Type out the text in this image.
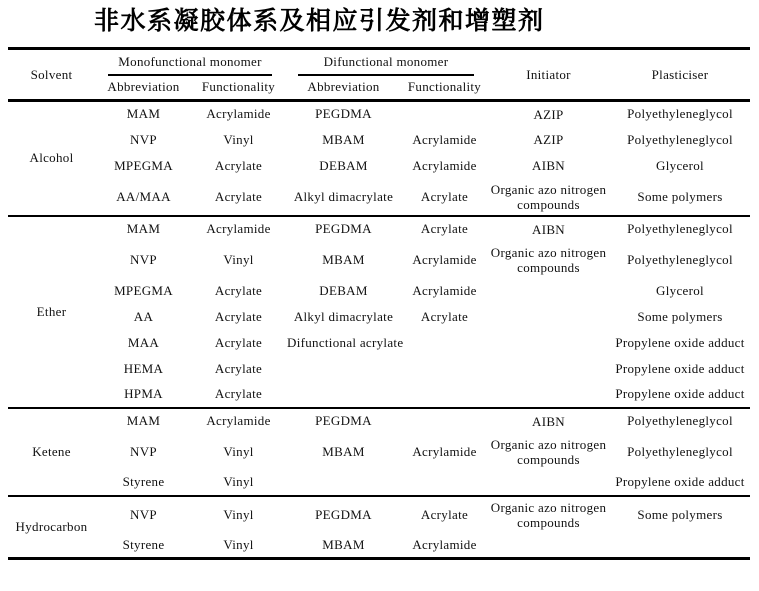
非水系凝胶体系及相应引发剂和增塑剂
Solvent	Monofunctional monomer		Difunctional monomer		Initiator	Plasticiser
	Abbreviation	Functionality	Abbreviation	Functionality		
Alcohol	MAM	Acrylamide	PEGDMA		AZIP	Polyethyleneglycol
	NVP	Vinyl	MBAM	Acrylamide	AZIP	Polyethyleneglycol
	MPEGMA	Acrylate	DEBAM	Acrylamide	AIBN	Glycerol
	AA/MAA	Acrylate	Alkyl dimacrylate	Acrylate	Organic azo nitrogen compounds	Some polymers
Ether	MAM	Acrylamide	PEGDMA	Acrylate	AIBN	Polyethyleneglycol
	NVP	Vinyl	MBAM	Acrylamide	Organic azo nitrogen compounds	Polyethyleneglycol
	MPEGMA	Acrylate	DEBAM	Acrylamide		Glycerol
	AA	Acrylate	Alkyl dimacrylate	Acrylate		Some polymers
	MAA	Acrylate	Difunctional acrylate			Propylene oxide adduct
	HEMA	Acrylate				Propylene oxide adduct
	HPMA	Acrylate				Propylene oxide adduct
Ketene	MAM	Acrylamide	PEGDMA		AIBN	Polyethyleneglycol
	NVP	Vinyl	MBAM	Acrylamide	Organic azo nitrogen compounds	Polyethyleneglycol
	Styrene	Vinyl				Propylene oxide adduct
Hydrocarbon	NVP	Vinyl	PEGDMA	Acrylate	Organic azo nitrogen compounds	Some polymers
	Styrene	Vinyl	MBAM	Acrylamide		
